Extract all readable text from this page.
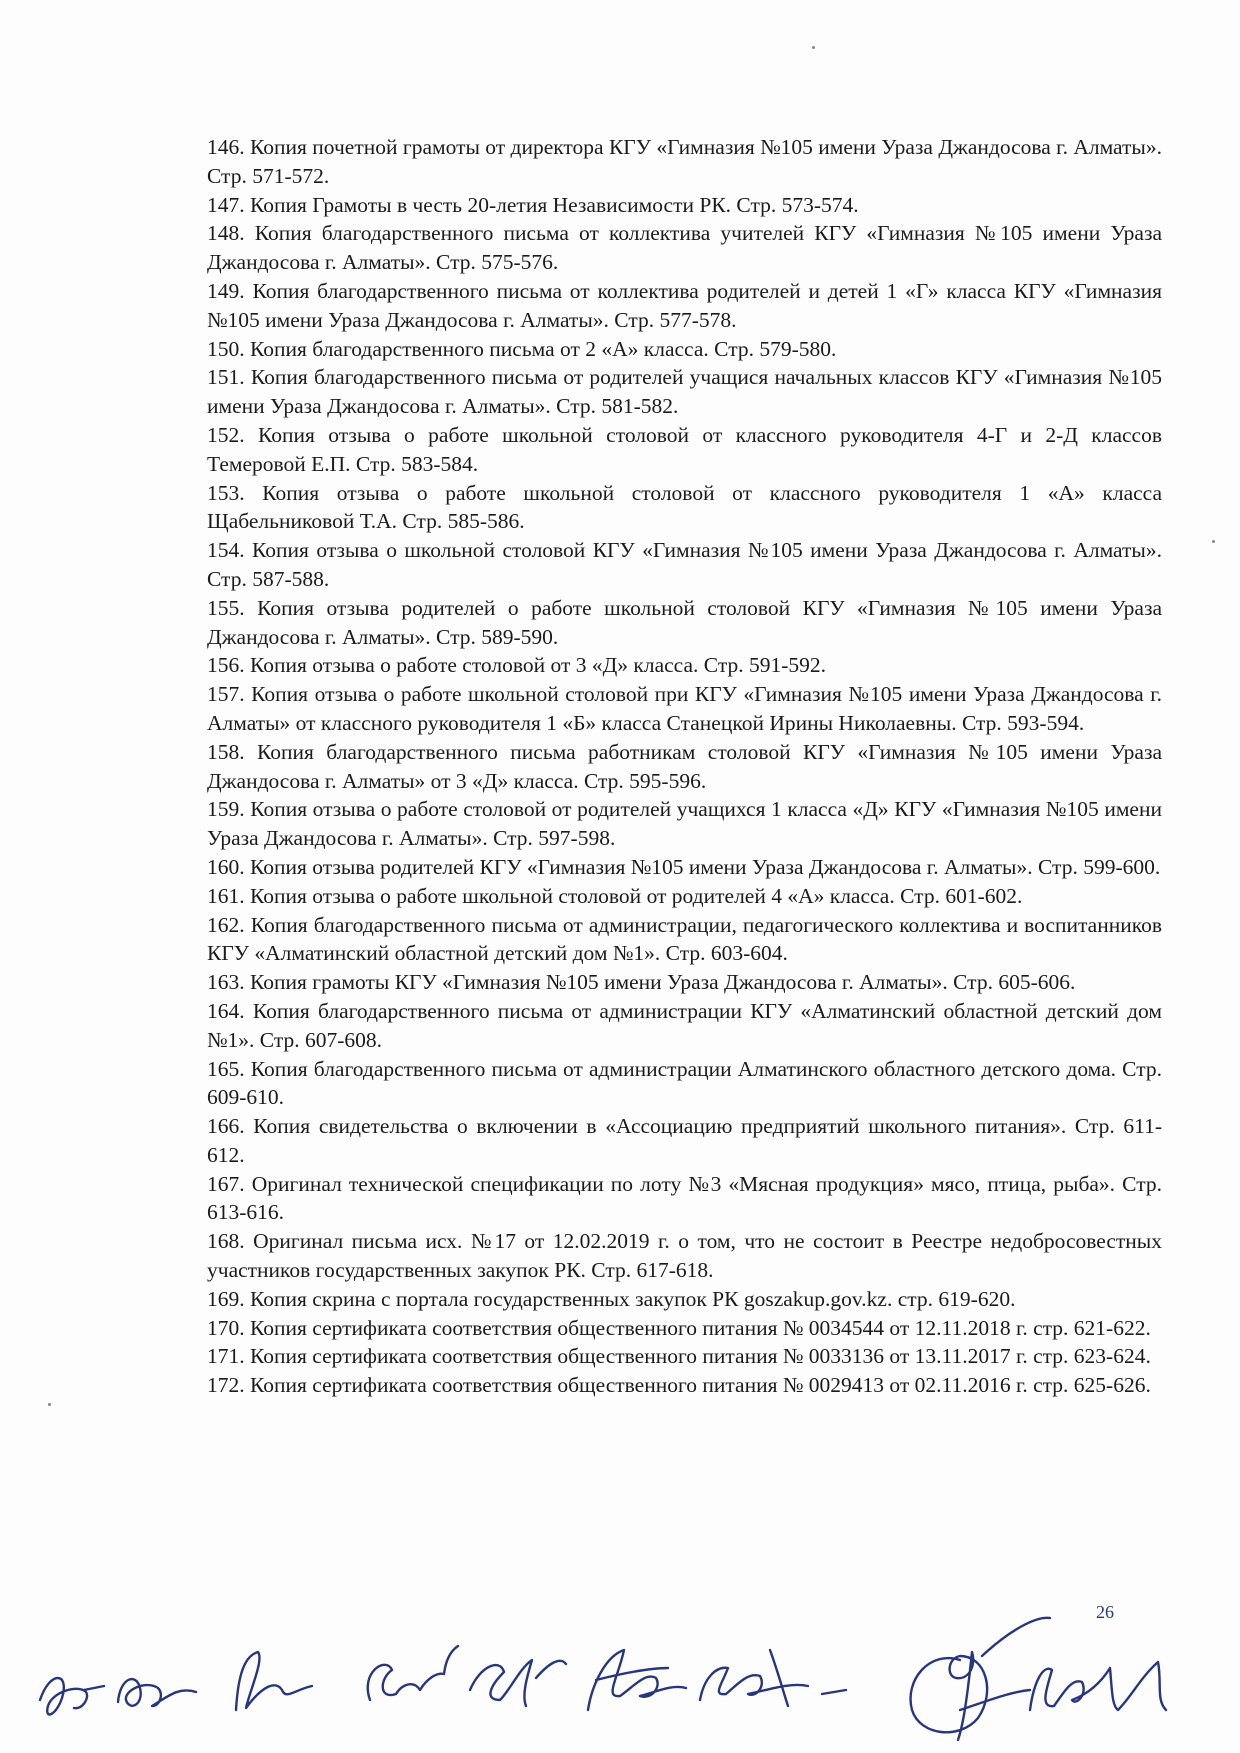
146. Копия почетной грамоты от директора КГУ «Гимназия №105 имени Ураза Джандосова г. Алматы». Стр. 571-572.

147. Копия Грамоты в честь 20-летия Независимости РК. Стр. 573-574.

148. Копия благодарственного письма от коллектива учителей КГУ «Гимназия №105 имени Ураза Джандосова г. Алматы». Стр. 575-576.

149. Копия благодарственного письма от коллектива родителей и детей 1 «Г» класса КГУ «Гимназия №105 имени Ураза Джандосова г. Алматы». Стр. 577-578.

150. Копия благодарственного письма от 2 «А» класса. Стр. 579-580.

151. Копия благодарственного письма от родителей учащися начальных классов КГУ «Гимназия №105 имени Ураза Джандосова г. Алматы». Стр. 581-582.

152. Копия отзыва о работе школьной столовой от классного руководителя 4-Г и 2-Д классов Темеровой Е.П. Стр. 583-584.

153. Копия отзыва о работе школьной столовой от классного руководителя 1 «А» класса Щабельниковой Т.А. Стр. 585-586.

154. Копия отзыва о школьной столовой КГУ «Гимназия №105 имени Ураза Джандосова г. Алматы». Стр. 587-588.

155. Копия отзыва родителей о работе школьной столовой КГУ «Гимназия №105 имени Ураза Джандосова г. Алматы». Стр. 589-590.

156. Копия отзыва о работе столовой от 3 «Д» класса. Стр. 591-592.

157. Копия отзыва о работе школьной столовой при КГУ «Гимназия №105 имени Ураза Джандосова г. Алматы» от классного руководителя 1 «Б» класса Станецкой Ирины Николаевны. Стр. 593-594.

158. Копия благодарственного письма работникам столовой КГУ «Гимназия №105 имени Ураза Джандосова г. Алматы» от 3 «Д» класса. Стр. 595-596.

159. Копия отзыва о работе столовой от родителей учащихся 1 класса «Д» КГУ «Гимназия №105 имени Ураза Джандосова г. Алматы». Стр. 597-598.

160. Копия отзыва родителей КГУ «Гимназия №105 имени Ураза Джандосова г. Алматы». Стр. 599-600.

161. Копия отзыва о работе школьной столовой от родителей 4 «А» класса. Стр. 601-602.

162. Копия благодарственного письма от администрации, педагогического коллектива и воспитанников КГУ «Алматинский областной детский дом №1». Стр. 603-604.

163. Копия грамоты КГУ «Гимназия №105 имени Ураза Джандосова г. Алматы». Стр. 605-606.

164. Копия благодарственного письма от администрации КГУ «Алматинский областной детский дом №1». Стр. 607-608.

165. Копия благодарственного письма от администрации Алматинского областного детского дома. Стр. 609-610.

166. Копия свидетельства о включении в «Ассоциацию предприятий школьного питания». Стр. 611-612.

167. Оригинал технической спецификации по лоту №3 «Мясная продукция» мясо, птица, рыба». Стр. 613-616.

168. Оригинал письма исх. №17 от 12.02.2019 г. о том, что не состоит в Реестре недобросовестных участников государственных закупок РК. Стр. 617-618.

169. Копия скрина с портала государственных закупок РК goszakup.gov.kz. стр. 619-620.

170. Копия сертификата соответствия общественного питания № 0034544 от 12.11.2018 г. стр. 621-622.

171. Копия сертификата соответствия общественного питания № 0033136 от 13.11.2017 г. стр. 623-624.

172. Копия сертификата соответствия общественного питания № 0029413 от 02.11.2016 г. стр. 625-626.

26
